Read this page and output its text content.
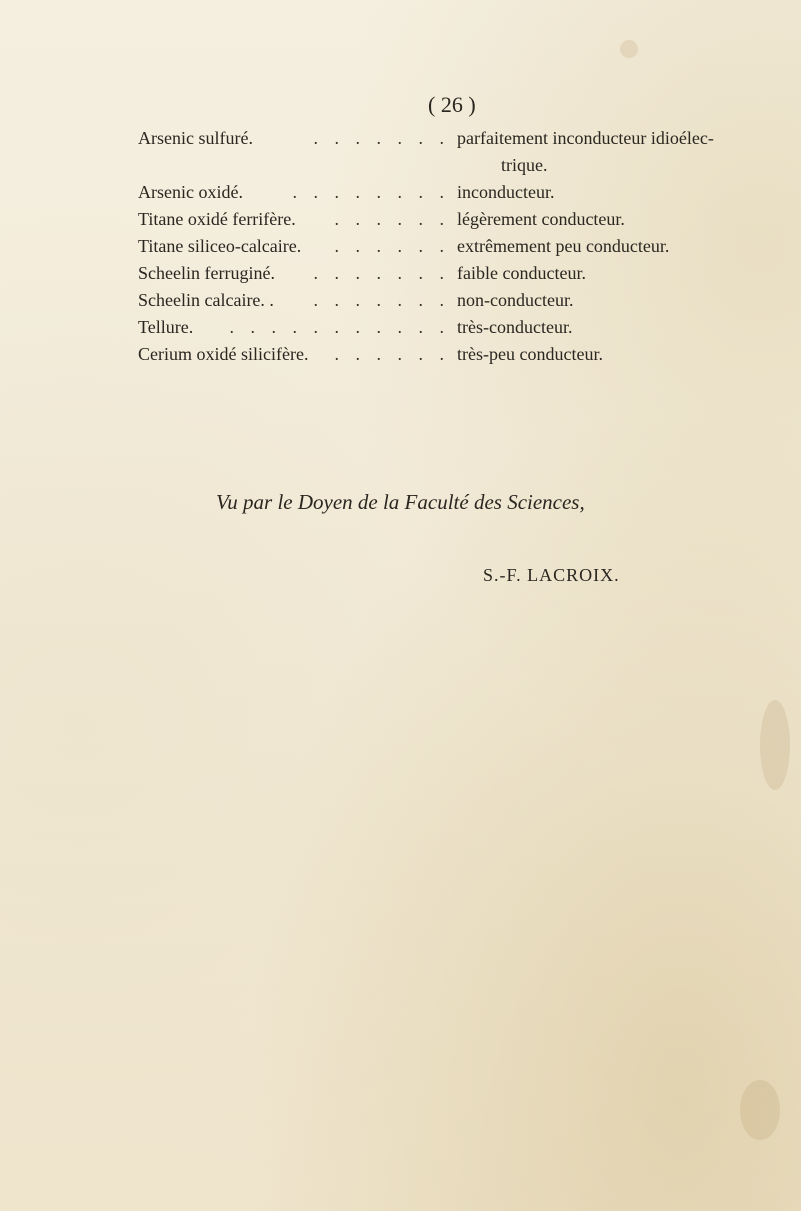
( 26 )
Arsenic sulfuré.	. . . . . . . parfaitement inconducteur idioélec-
trique.
Arsenic oxidé.	. . . . . . . . inconducteur.
Titane oxidé ferrifère. . . . . . . légèrement conducteur.
Titane siliceo-calcaire. . . . . . . extrêmement peu conducteur.
Scheelin ferruginé. . . . . . . . faible conducteur.
Scheelin calcaire. . . . . . . . . non-conducteur.
Tellure. . . . . . . . . . . . très-conducteur.
Cerium oxidé silicifère. . . . . . . très-peu conducteur.
Vu par le Doyen de la Faculté des Sciences,
S.-F. LACROIX.
